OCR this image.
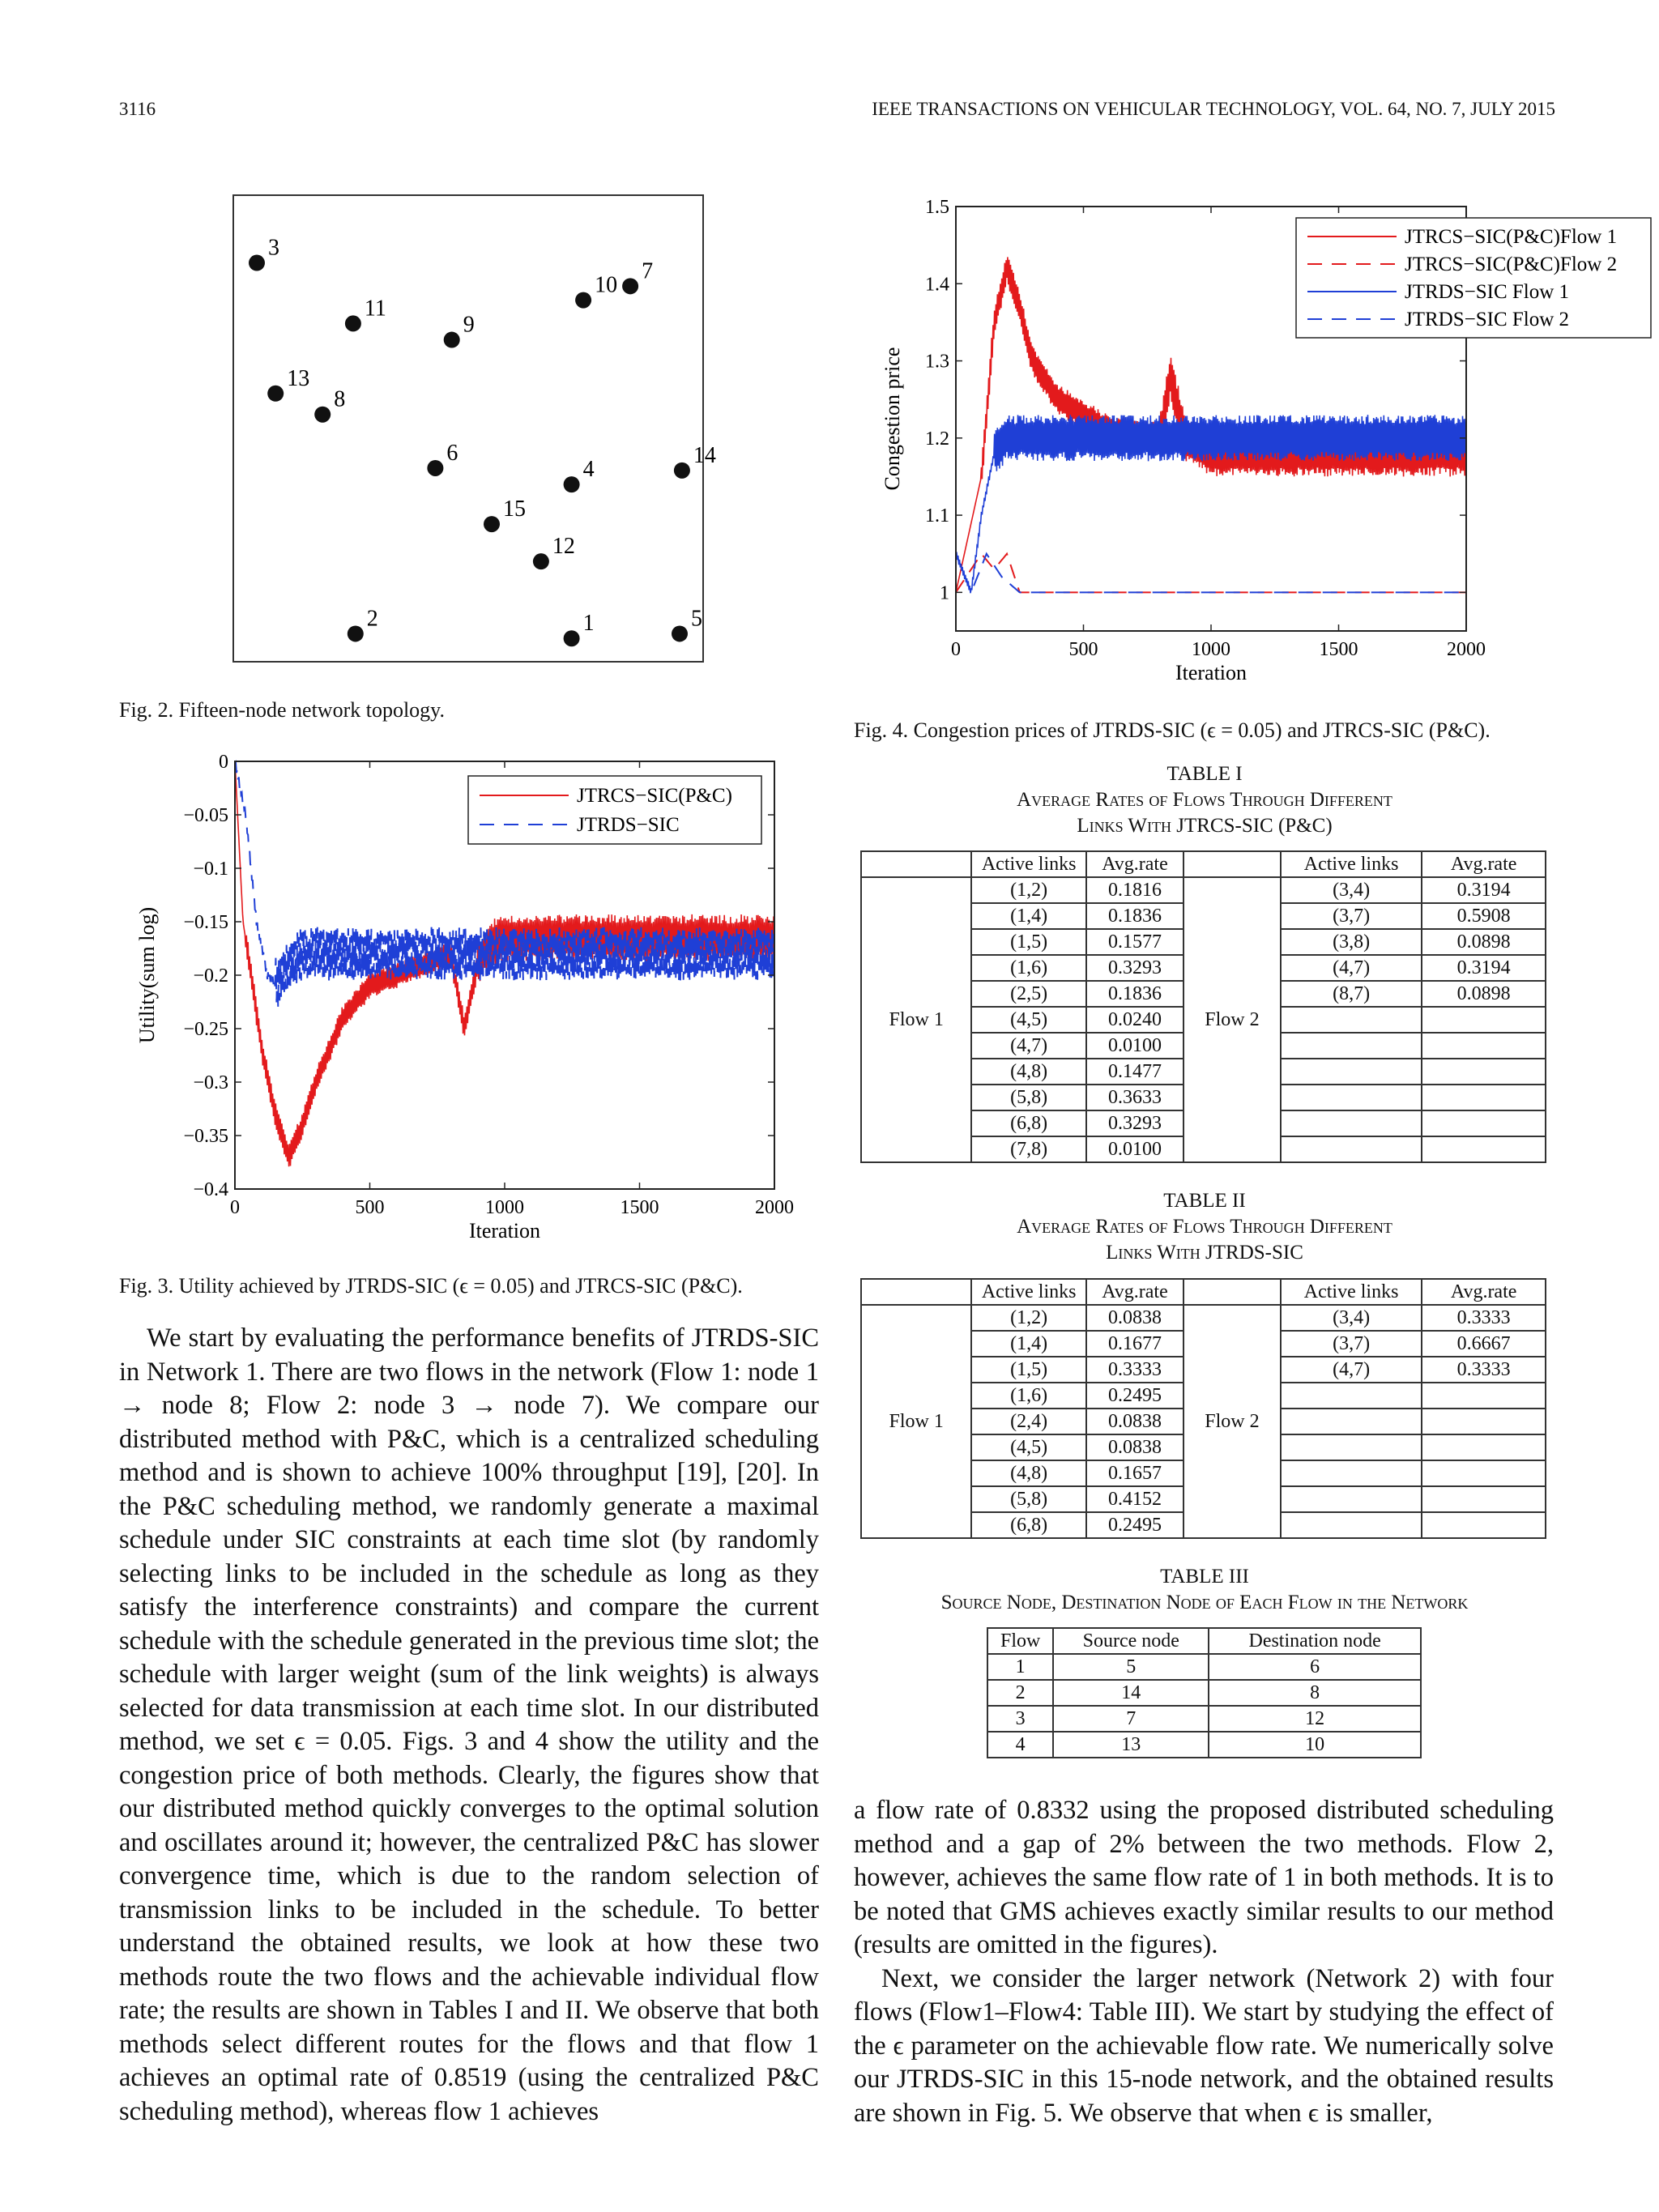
3116	IEEE TRANSACTIONS ON VEHICULAR TECHNOLOGY, VOL. 64, NO. 7, JULY 2015
1
2
3
4
5
6
7
8
9
10
11
12
13
14
15
Fig. 2. Fifteen-node network topology.
0	500	1000	1500	2000
0
−0.05
−0.1
−0.15
−0.2
−0.25
−0.3
−0.35
−0.4
Iteration
Utility(sum log)
JTRCS−SIC(P&C)
JTRDS−SIC
Fig. 3. Utility achieved by JTRDS-SIC (ϵ = 0.05) and JTRCS-SIC (P&C).
0	500	1000	1500	2000
1.5
1.4
1.3
1.2
1.1
1
Iteration
Congestion price
JTRCS−SIC(P&C)Flow 1
JTRCS−SIC(P&C)Flow 2
JTRDS−SIC Flow 1
JTRDS−SIC Flow 2
Fig. 4. Congestion prices of JTRDS-SIC (ϵ = 0.05) and JTRCS-SIC (P&C).
TABLE I
Average Rates of Flows Through Different
Links With JTRCS-SIC (P&C)
	Active links	Avg.rate		Active links	Avg.rate
Flow 1	(1,2)	0.1816	Flow 2	(3,4)	0.3194
	(1,4)	0.1836		(3,7)	0.5908
	(1,5)	0.1577		(3,8)	0.0898
	(1,6)	0.3293		(4,7)	0.3194
	(2,5)	0.1836		(8,7)	0.0898
	(4,5)	0.0240			
	(4,7)	0.0100			
	(4,8)	0.1477			
	(5,8)	0.3633			
	(6,8)	0.3293			
	(7,8)	0.0100			
TABLE II
Average Rates of Flows Through Different
Links With JTRDS-SIC
	Active links	Avg.rate		Active links	Avg.rate
Flow 1	(1,2)	0.0838	Flow 2	(3,4)	0.3333
	(1,4)	0.1677		(3,7)	0.6667
	(1,5)	0.3333		(4,7)	0.3333
	(1,6)	0.2495			
	(2,4)	0.0838			
	(4,5)	0.0838			
	(4,8)	0.1657			
	(5,8)	0.4152			
	(6,8)	0.2495			
TABLE III
Source Node, Destination Node of Each Flow in the Network
Flow	Source node	Destination node
1	5	6
2	14	8
3	7	12
4	13	10

We start by evaluating the performance benefits of JTRDS-SIC in Network 1. There are two flows in the network (Flow 1: node 1 → node 8; Flow 2: node 3 → node 7). We compare our distributed method with P&C, which is a centralized scheduling method and is shown to achieve 100% throughput [19], [20]. In the P&C scheduling method, we randomly generate a maximal schedule under SIC constraints at each time slot (by randomly selecting links to be included in the schedule as long as they satisfy the interference constraints) and compare the current schedule with the schedule generated in the previous time slot; the schedule with larger weight (sum of the link weights) is always selected for data transmission at each time slot. In our distributed method, we set ϵ = 0.05. Figs. 3 and 4 show the utility and the congestion price of both methods. Clearly, the figures show that our distributed method quickly converges to the optimal solution and oscillates around it; however, the centralized P&C has slower convergence time, which is due to the random selection of transmission links to be included in the schedule. To better understand the obtained results, we look at how these two methods route the two flows and the achievable individual flow rate; the results are shown in Tables I and II. We observe that both methods select different routes for the flows and that flow 1 achieves an optimal rate of 0.8519 (using the centralized P&C scheduling method), whereas flow 1 achieves

a flow rate of 0.8332 using the proposed distributed scheduling method and a gap of 2% between the two methods. Flow 2, however, achieves the same flow rate of 1 in both methods. It is to be noted that GMS achieves exactly similar results to our method (results are omitted in the figures).

Next, we consider the larger network (Network 2) with four flows (Flow1–Flow4: Table III). We start by studying the effect of the ϵ parameter on the achievable flow rate. We numerically solve our JTRDS-SIC in this 15-node network, and the obtained results are shown in Fig. 5. We observe that when ϵ is smaller,
